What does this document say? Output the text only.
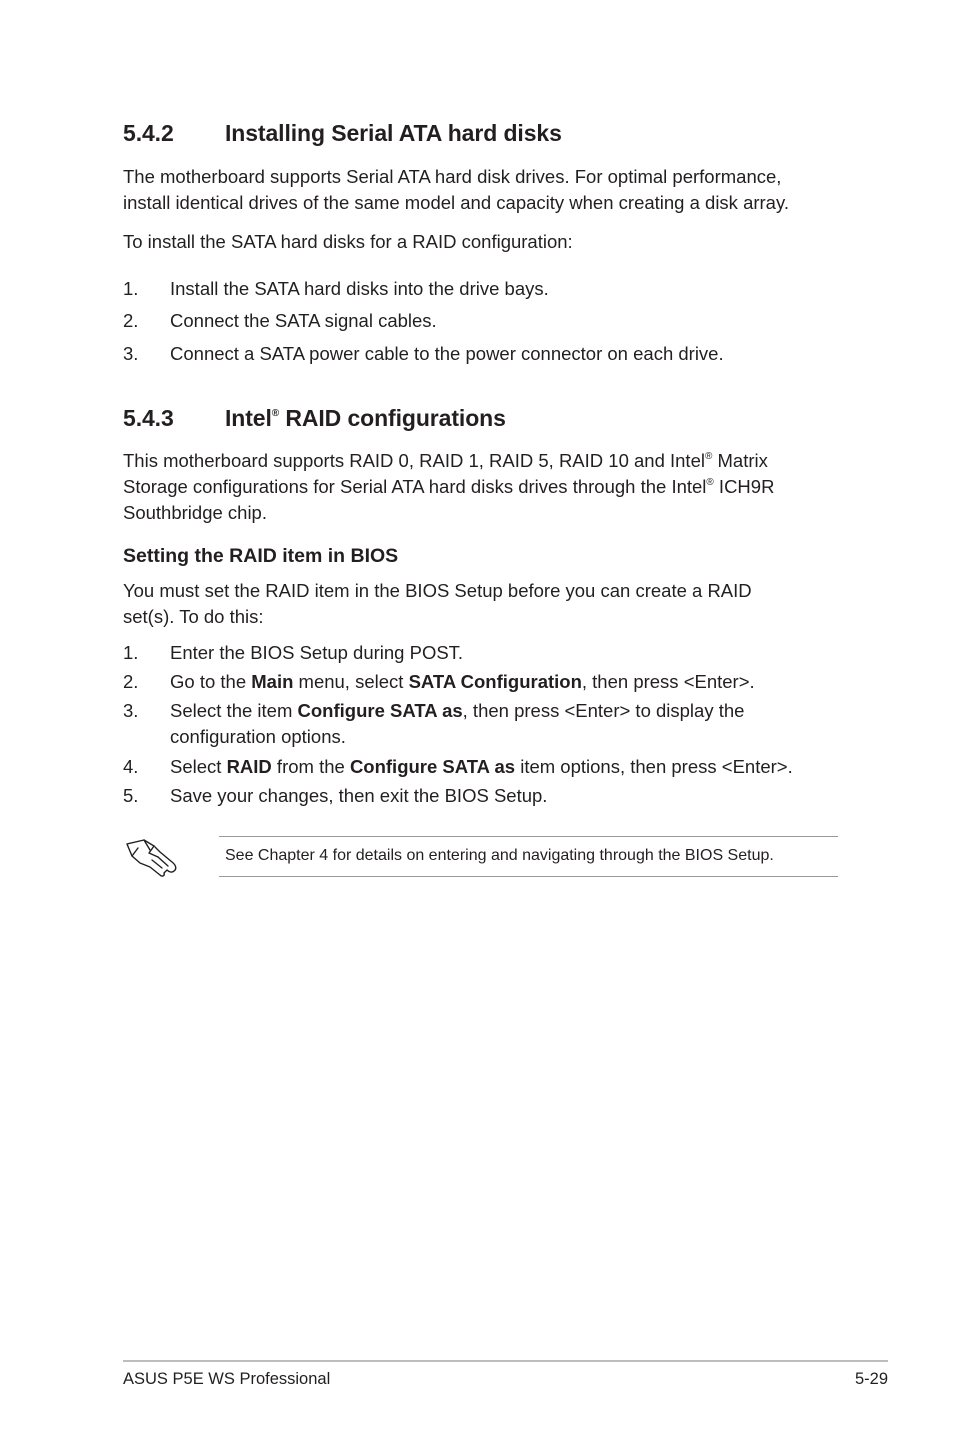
5.4.2 Installing Serial ATA hard disks
The motherboard supports Serial ATA hard disk drives. For optimal performance,
install identical drives of the same model and capacity when creating a disk array.
To install the SATA hard disks for a RAID configuration:
1. Install the SATA hard disks into the drive bays.
2. Connect the SATA signal cables.
3. Connect a SATA power cable to the power connector on each drive.
5.4.3 Intel® RAID configurations
This motherboard supports RAID 0, RAID 1, RAID 5, RAID 10 and Intel® Matrix
Storage configurations for Serial ATA hard disks drives through the Intel® ICH9R
Southbridge chip.
Setting the RAID item in BIOS
You must set the RAID item in the BIOS Setup before you can create a RAID
set(s). To do this:
1. Enter the BIOS Setup during POST.
2. Go to the Main menu, select SATA Configuration, then press <Enter>.
3. Select the item Configure SATA as, then press <Enter> to display the
configuration options.
4. Select RAID from the Configure SATA as item options, then press <Enter>.
5. Save your changes, then exit the BIOS Setup.
See Chapter 4 for details on entering and navigating through the BIOS Setup.
ASUS P5E WS Professional	5-29
